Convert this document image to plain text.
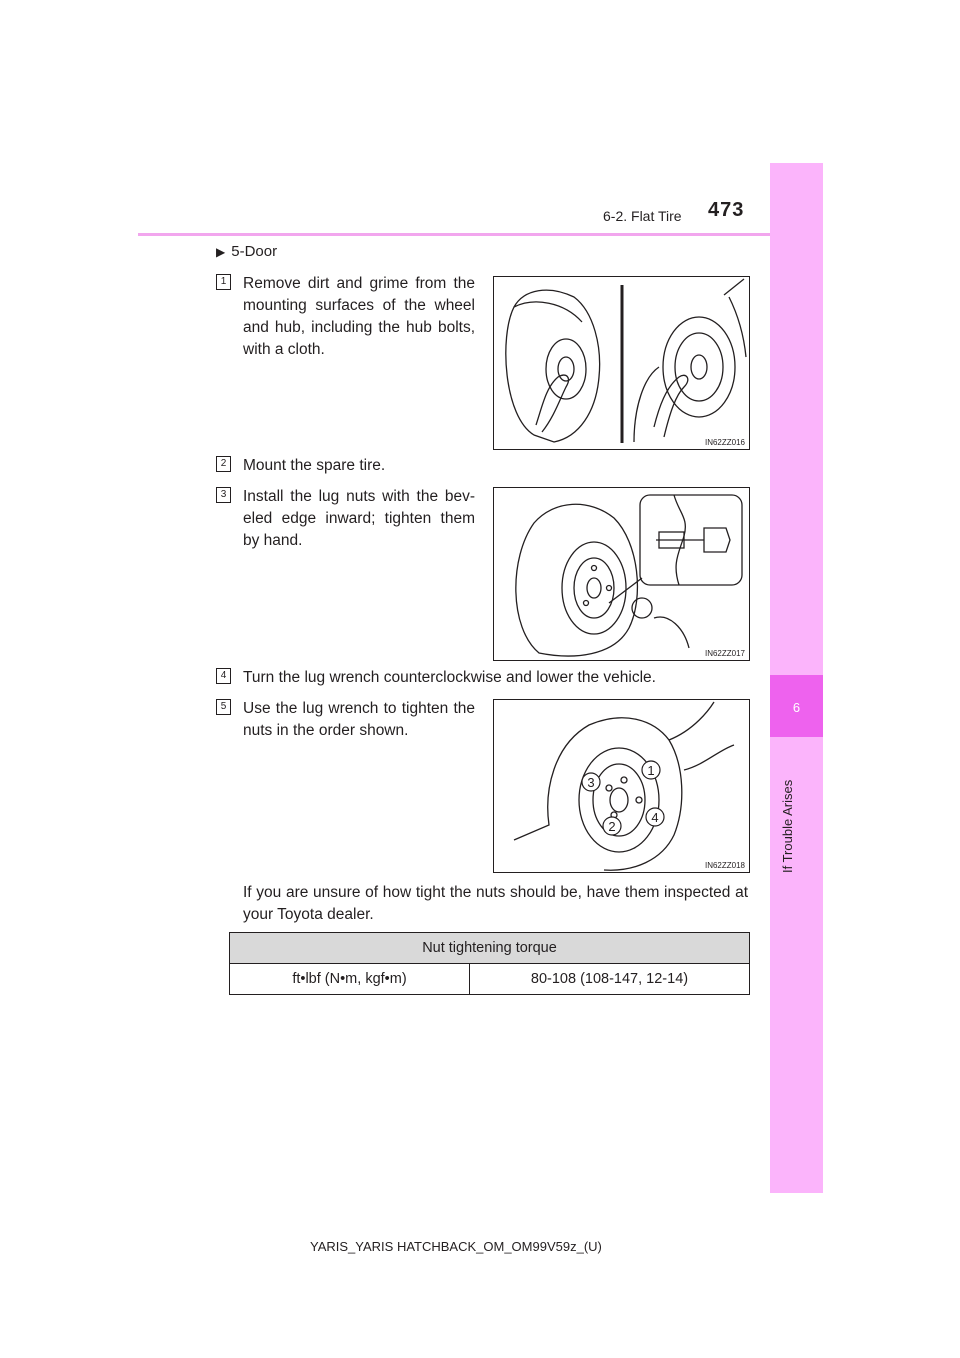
6-2. Flat Tire 473
6
If Trouble Arises
▶ 5-Door
1	Remove dirt and grime from the mounting surfaces of the wheel and hub, including the hub bolts, with a cloth.
IN62ZZ016
2	Mount the spare tire.
3	Install the lug nuts with the bev-eled edge inward; tighten them by hand.
IN62ZZ017
4	Turn the lug wrench counterclockwise and lower the vehicle.
5	Use the lug wrench to tighten the nuts in the order shown.
1
3
4
2
IN62ZZ018
If you are unsure of how tight the nuts should be, have them inspected at your Toyota dealer.
Nut tightening torque
ft•lbf (N•m, kgf•m)	80-108 (108-147, 12-14)
YARIS_YARIS HATCHBACK_OM_OM99V59z_(U)
